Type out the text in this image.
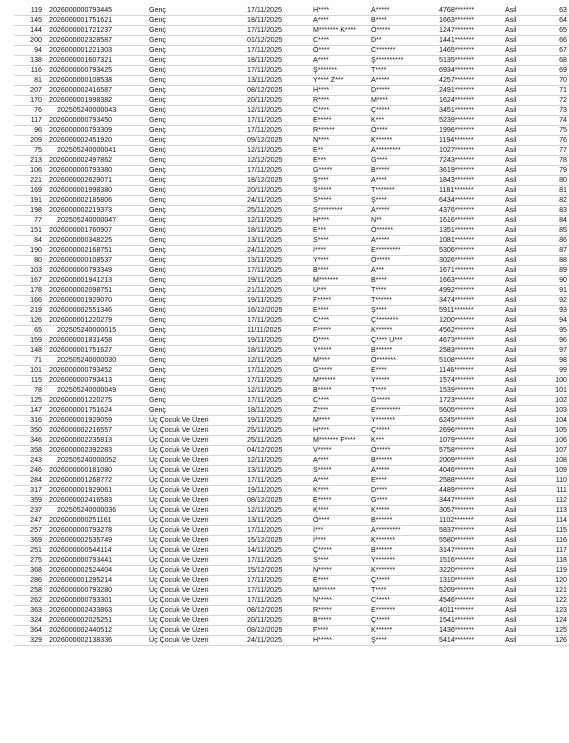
119	2026000000793445	Genç	17/11/2025	H****	A*****	4768*******	Asil	63
145	2026000001751621	Genç	18/11/2025	A****	B****	1663*******	Asil	64
144	2026000001721237	Genç	17/11/2025	M******* K****	Ö*****	1247*******	Asil	65
200	2026000002328587	Genç	01/12/2025	C****	D**	1441*******	Asil	66
94	2026000001221303	Genç	17/11/2025	Ö****	C*******	1465*******	Asil	67
138	2026000001607321	Genç	18/11/2025	A****	Ş**********	5135*******	Asil	68
116	2026000000793425	Genç	17/11/2025	Ş*******	T****	6934*******	Asil	69
81	2026000000108538	Genç	13/11/2025	Y**** Z***	A*****	4257*******	Asil	70
207	2026000002416587	Genç	08/12/2025	H****	D*****	2491*******	Asil	71
170	2026000001998382	Genç	20/11/2025	R****	M****	1624*******	Asil	72
76	202505240000043	Genç	12/11/2025	C****	Ç*****	3451*******	Asil	73
117	2026000000793450	Genç	17/11/2025	E*****	K***	5239*******	Asil	74
96	2026000000793309	Genç	17/11/2025	R******	Ö****	1996*******	Asil	75
209	2026000002451920	Genç	09/12/2025	N****	K******	1194*******	Asil	76
75	202505240000041	Genç	12/11/2025	E**	A*********	1027*******	Asil	77
213	2026000002497862	Genç	12/12/2025	E***	G****	7243*******	Asil	78
106	2026000000793380	Genç	17/11/2025	G*****	B*****	3619*******	Asil	79
221	2026000002629071	Genç	18/12/2025	Ş****	A****	1843*******	Asil	80
169	2026000001998380	Genç	20/11/2025	S*****	T*******	1181*******	Asil	81
191	2026000002185806	Genç	24/11/2025	S*****	Ş****	6434*******	Asil	82
198	2026000002219373	Genç	25/11/2025	S*********	A*****	4376*******	Asil	83
77	202505240000047	Genç	12/11/2025	H****	N**	1616*******	Asil	84
151	2026000001760907	Genç	18/11/2025	E***	Ö******	1351*******	Asil	85
84	2026000000348225	Genç	13/11/2025	S****	A*****	1081*******	Asil	86
190	2026000002168751	Genç	24/11/2025	İ****	E*********	5306*******	Asil	87
80	2026000000108537	Genç	13/11/2025	Y****	Ö*****	3026*******	Asil	88
103	2026000000793349	Genç	17/11/2025	B****	A***	1671*******	Asil	89
167	2026000001941213	Genç	19/11/2025	M*******	B****	1663*******	Asil	90
178	2026000002098751	Genç	21/11/2025	U***	T****	4992*******	Asil	91
166	2026000001929070	Genç	19/11/2025	F*****	T******	3474*******	Asil	92
219	2026000002551346	Genç	16/12/2025	E****	Ş****	5911*******	Asil	93
126	2026000001220279	Genç	17/11/2025	C****	Ç********	1200*******	Asil	94
65	202505240000015	Genç	11/11/2025	F*****	K******	4562*******	Asil	95
159	2026000001831458	Genç	19/11/2025	D****	Ç**** U***	4673*******	Asil	96
148	2026000001751627	Genç	18/11/2025	Y*****	B******	2583*******	Asil	97
71	202505240000030	Genç	12/11/2025	M****	Ö*******	5108*******	Asil	98
101	2026000000793452	Genç	17/11/2025	G*****	E****	1146*******	Asil	99
115	2026000000793413	Genç	17/11/2025	M******	Y*****	1574*******	Asil	100
78	202505240000049	Genç	12/11/2025	B*****	T****	1539*******	Asil	101
125	2026000001220275	Genç	17/11/2025	C****	G*****	1723*******	Asil	102
147	2026000001751624	Genç	18/11/2025	Z****	E*********	5605*******	Asil	103
316	2026000001929059	Üç Çocuk Ve Üzeri	19/11/2025	M****	Y*******	6245*******	Asil	104
350	2026000002216557	Üç Çocuk Ve Üzeri	25/11/2025	H****	Ç*****	2696*******	Asil	105
346	2026000002235813	Üç Çocuk Ve Üzeri	25/11/2025	M******* F****	K***	1079*******	Asil	106
358	2026000002392283	Üç Çocuk Ve Üzeri	04/12/2025	V*****	Ö*****	5758*******	Asil	107
243	202505240000052	Üç Çocuk Ve Üzeri	12/11/2025	A****	B******	2009*******	Asil	108
246	2026000000181080	Üç Çocuk Ve Üzeri	13/11/2025	S*****	A*****	4046*******	Asil	109
284	2026000001268772	Üç Çocuk Ve Üzeri	17/11/2025	A****	E****	2588*******	Asil	110
317	2026000001929061	Üç Çocuk Ve Üzeri	19/11/2025	K****	D****	4489*******	Asil	111
359	2026000002416583	Üç Çocuk Ve Üzeri	08/12/2025	E*****	G****	3447*******	Asil	112
237	202505240000036	Üç Çocuk Ve Üzeri	12/11/2025	K****	K*****	3057*******	Asil	113
247	2026000000251161	Üç Çocuk Ve Üzeri	13/11/2025	Ö****	B******	1102*******	Asil	114
257	2026000000793278	Üç Çocuk Ve Üzeri	17/11/2025	İ***	A*********	5837*******	Asil	115
369	2026000002535749	Üç Çocuk Ve Üzeri	15/12/2025	İ****	K*******	5580*******	Asil	116
251	2026000000544114	Üç Çocuk Ve Üzeri	14/11/2025	Ç*****	B******	3147*******	Asil	117
275	2026000000793441	Üç Çocuk Ve Üzeri	17/11/2025	S****	Y*******	1516*******	Asil	118
368	2026000002524404	Üç Çocuk Ve Üzeri	15/12/2025	N*****	K*******	3220*******	Asil	119
286	2026000001295214	Üç Çocuk Ve Üzeri	17/11/2025	E****	Ç*****	1310*******	Asil	120
258	2026000000793280	Üç Çocuk Ve Üzeri	17/11/2025	M******	T****	5209*******	Asil	121
262	2026000000793301	Üç Çocuk Ve Üzeri	17/11/2025	N*****	C*****	4546*******	Asil	122
363	2026000002433863	Üç Çocuk Ve Üzeri	08/12/2025	R*****	E*******	4011*******	Asil	123
324	2026000002025251	Üç Çocuk Ve Üzeri	20/11/2025	B*****	Ç*****	1541*******	Asil	124
364	2026000002440512	Üç Çocuk Ve Üzeri	08/12/2025	F****	K******	1436*******	Asil	125
329	2026000002138336	Üç Çocuk Ve Üzeri	24/11/2025	H*****	Ş****	5414*******	Asil	126
